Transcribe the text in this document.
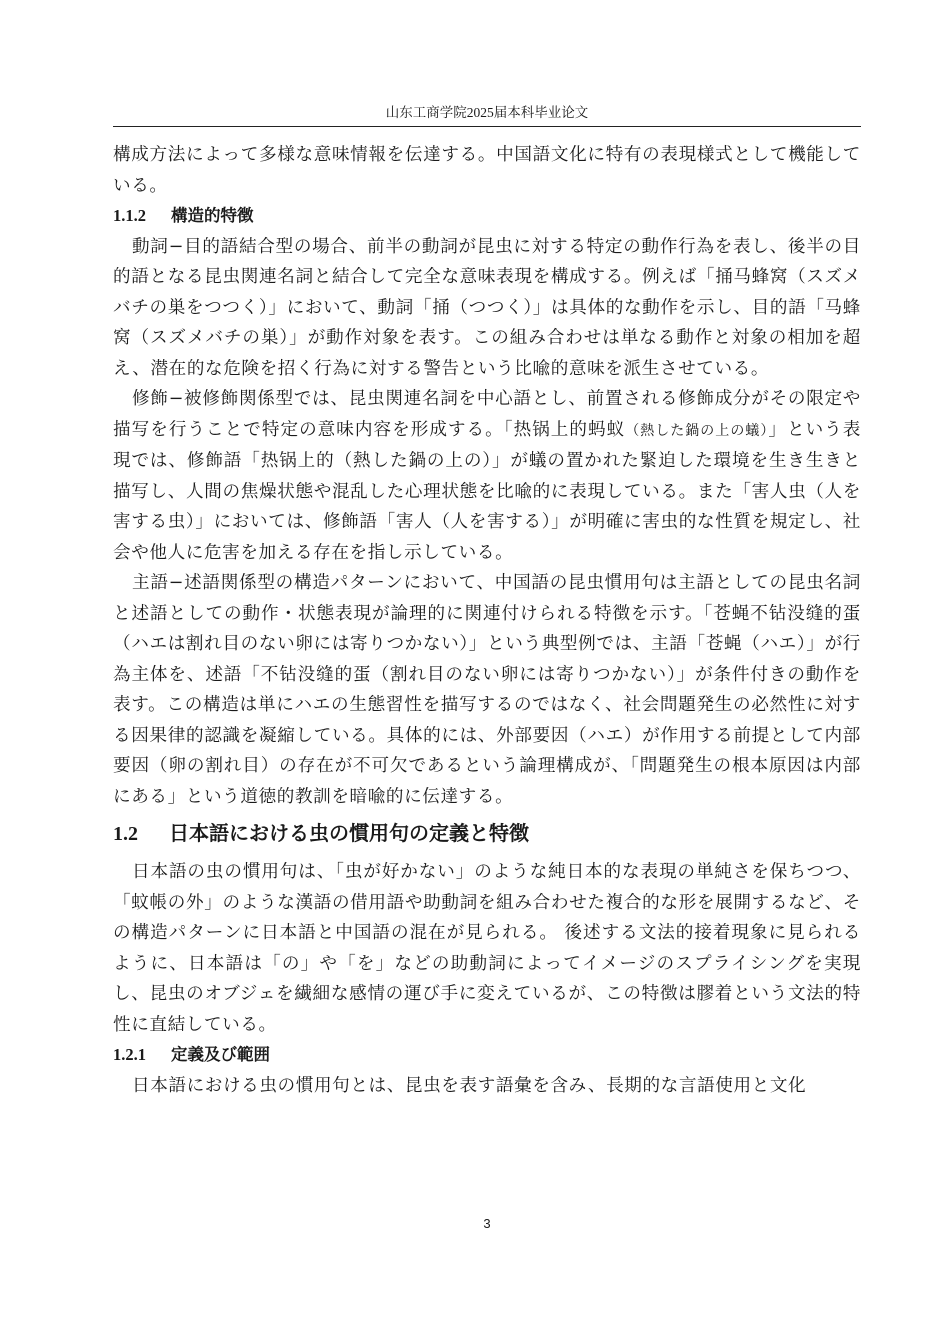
山东工商学院2025届本科毕业论文

構成方法によって多様な意味情報を伝達する。中国語文化に特有の表現様式として機能している。

1.1.2 構造的特徴

動詞−目的語結合型の場合、前半の動詞が昆虫に対する特定の動作行為を表し、後半の目的語となる昆虫関連名詞と結合して完全な意味表現を構成する。例えば「捅马蜂窝（スズメバチの巣をつつく）」において、動詞「捅（つつく）」は具体的な動作を示し、目的語「马蜂窝（スズメバチの巣）」が動作対象を表す。この組み合わせは単なる動作と対象の相加を超え、潜在的な危険を招く行為に対する警告という比喩的意味を派生させている。

修飾−被修飾関係型では、昆虫関連名詞を中心語とし、前置される修飾成分がその限定や描写を行うことで特定の意味内容を形成する。「热锅上的蚂蚁（熱した鍋の上の蟻）」という表現では、修飾語「热锅上的（熱した鍋の上の）」が蟻の置かれた緊迫した環境を生き生きと描写し、人間の焦燥状態や混乱した心理状態を比喩的に表現している。また「害人虫（人を害する虫）」においては、修飾語「害人（人を害する）」が明確に害虫的な性質を規定し、社会や他人に危害を加える存在を指し示している。

主語−述語関係型の構造パターンにおいて、中国語の昆虫慣用句は主語としての昆虫名詞と述語としての動作・状態表現が論理的に関連付けられる特徴を示す。「苍蝇不钻没缝的蛋（ハエは割れ目のない卵には寄りつかない）」という典型例では、主語「苍蝇（ハエ）」が行為主体を、述語「不钻没缝的蛋（割れ目のない卵には寄りつかない）」が条件付きの動作を表す。この構造は単にハエの生態習性を描写するのではなく、社会問題発生の必然性に対する因果律的認識を凝縮している。具体的には、外部要因（ハエ）が作用する前提として内部要因（卵の割れ目）の存在が不可欠であるという論理構成が、「問題発生の根本原因は内部にある」という道徳的教訓を暗喩的に伝達する。

1.2 日本語における虫の慣用句の定義と特徴

日本語の虫の慣用句は、「虫が好かない」のような純日本的な表現の単純さを保ちつつ、「蚊帳の外」のような漢語の借用語や助動詞を組み合わせた複合的な形を展開するなど、その構造パターンに日本語と中国語の混在が見られる。 後述する文法的接着現象に見られるように、日本語は「の」や「を」などの助動詞によってイメージのスプライシングを実現し、昆虫のオブジェを繊細な感情の運び手に変えているが、この特徴は膠着という文法的特性に直結している。

1.2.1 定義及び範囲

日本語における虫の慣用句とは、昆虫を表す語彙を含み、長期的な言語使用と文化

3
